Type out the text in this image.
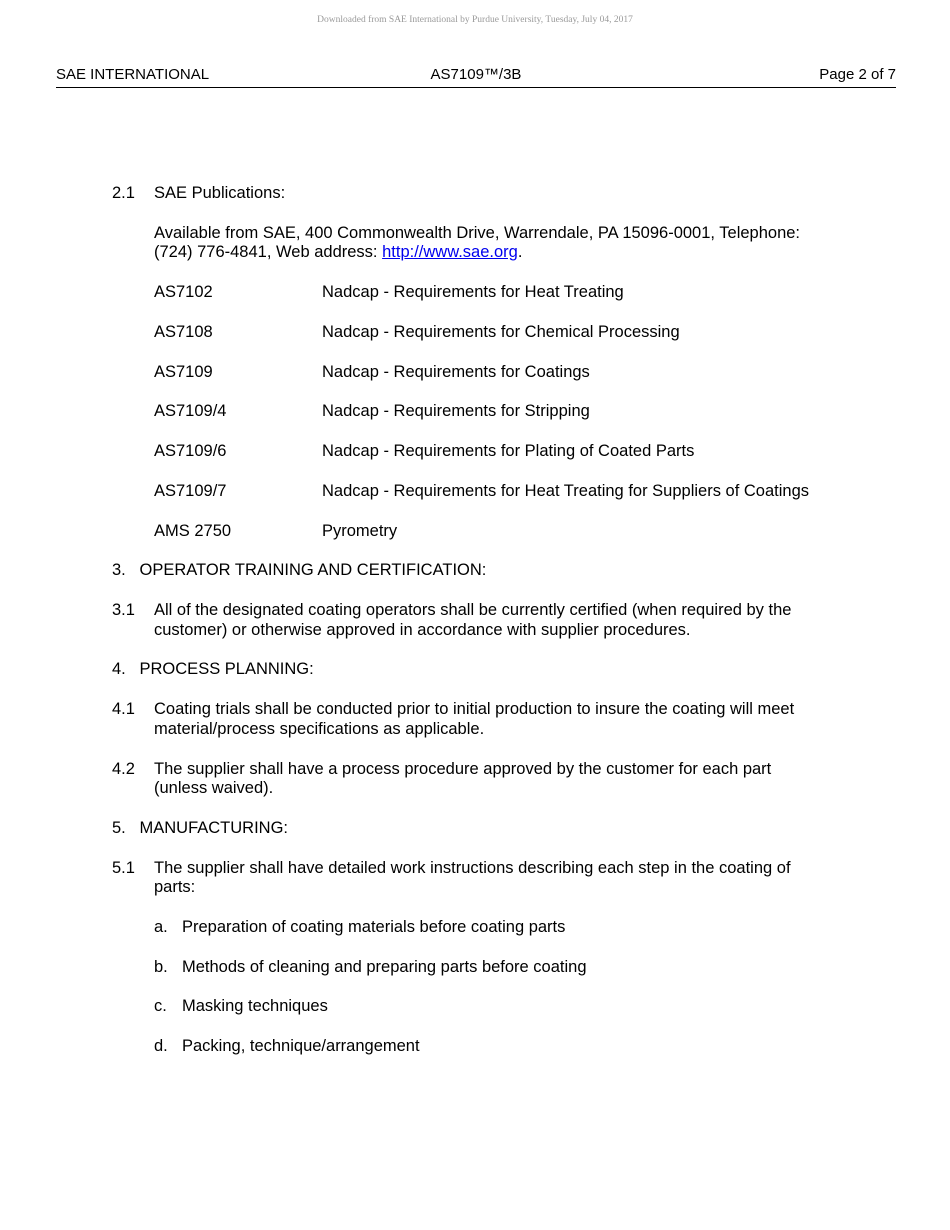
Downloaded from SAE International by Purdue University, Tuesday, July 04, 2017
SAE INTERNATIONAL	AS7109™/3B	Page 2 of 7
2.1 SAE Publications:
Available from SAE, 400 Commonwealth Drive, Warrendale, PA 15096-0001, Telephone:
(724) 776-4841, Web address: http://www.sae.org.
AS7102	Nadcap - Requirements for Heat Treating
AS7108	Nadcap - Requirements for Chemical Processing
AS7109	Nadcap - Requirements for Coatings
AS7109/4	Nadcap - Requirements for Stripping
AS7109/6	Nadcap - Requirements for Plating of Coated Parts
AS7109/7	Nadcap - Requirements for Heat Treating for Suppliers of Coatings
AMS 2750	Pyrometry
3.   OPERATOR TRAINING AND CERTIFICATION:
3.1 All of the designated coating operators shall be currently certified (when required by the
customer) or otherwise approved in accordance with supplier procedures.
4.   PROCESS PLANNING:
4.1 Coating trials shall be conducted prior to initial production to insure the coating will meet
material/process specifications as applicable.
4.2 The supplier shall have a process procedure approved by the customer for each part
(unless waived).
5.   MANUFACTURING:
5.1 The supplier shall have detailed work instructions describing each step in the coating of
parts:
a. Preparation of coating materials before coating parts
b. Methods of cleaning and preparing parts before coating
c. Masking techniques
d. Packing, technique/arrangement
